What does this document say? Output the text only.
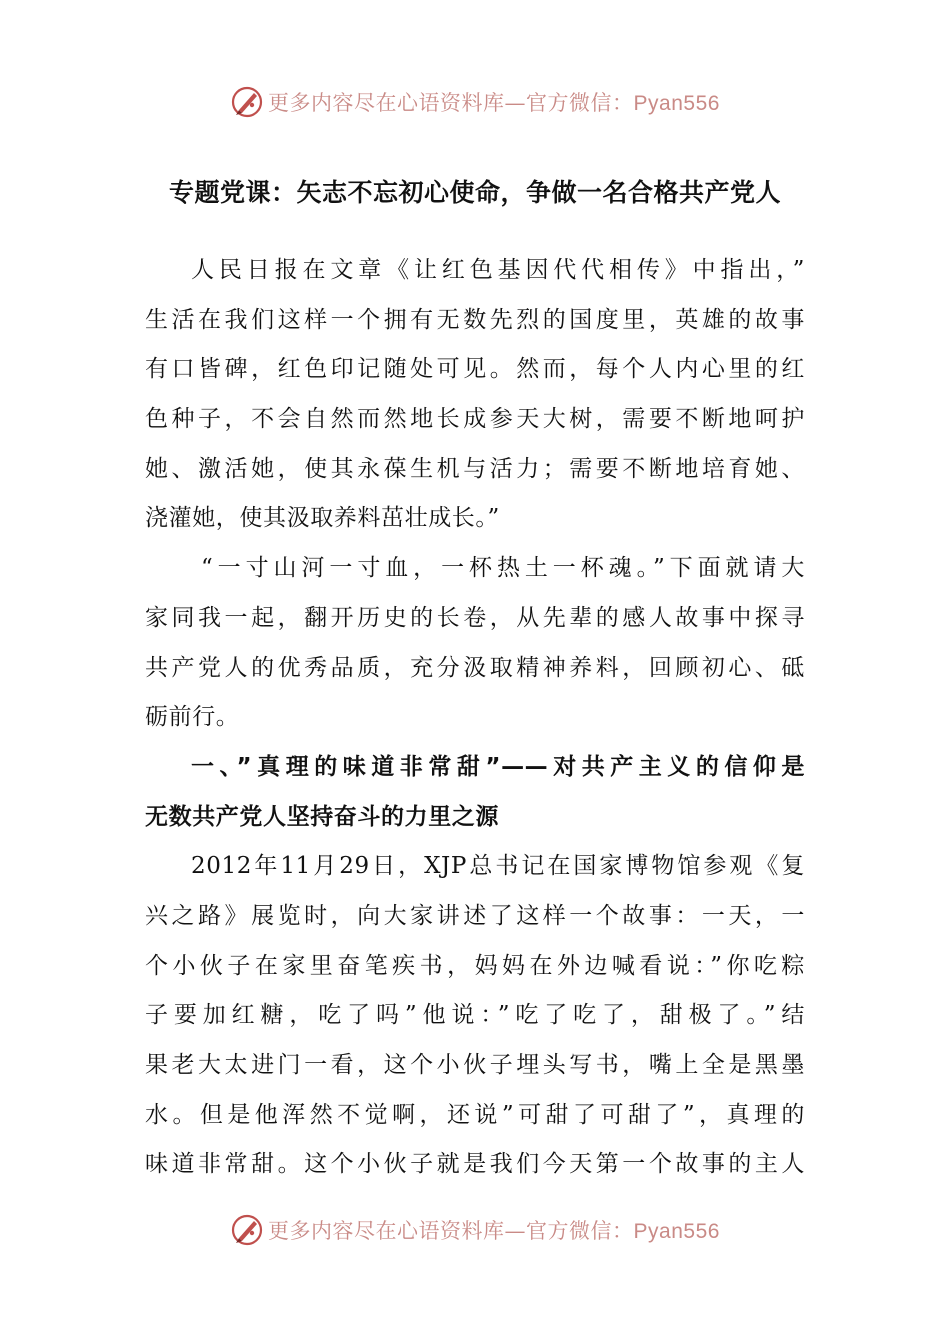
更多内容尽在心语资料库—官方微信：Pyan556
专题党课：矢志不忘初心使命，争做一名合格共产党人
人民日报在文章《让红色基因代代相传》中指出，”
生活在我们这样一个拥有无数先烈的国度里，英雄的故事
有口皆碑，红色印记随处可见。然而，每个人内心里的红
色种子，不会自然而然地长成参天大树，需要不断地呵护
她、激活她，使其永葆生机与活力；需要不断地培育她、
浇灌她，使其汲取养料茁壮成长。”
“一寸山河一寸血，一杯热土一杯魂。”下面就请大
家同我一起，翻开历史的长卷，从先辈的感人故事中探寻
共产党人的优秀品质，充分汲取精神养料，回顾初心、砥
砺前行。
一、”真理的味道非常甜”——对共产主义的信仰是
无数共产党人坚持奋斗的力里之源
2012年11月29日，XJP总书记在国家博物馆参观《复
兴之路》展览时，向大家讲述了这样一个故事：一天，一
个小伙子在家里奋笔疾书，妈妈在外边喊看说：”你吃粽
子要加红糖，吃了吗”他说：”吃了吃了，甜极了。”结
果老大太进门一看，这个小伙子埋头写书，嘴上全是黑墨
水。但是他浑然不觉啊，还说”可甜了可甜了”，真理的
味道非常甜。这个小伙子就是我们今天第一个故事的主人
更多内容尽在心语资料库—官方微信：Pyan556
